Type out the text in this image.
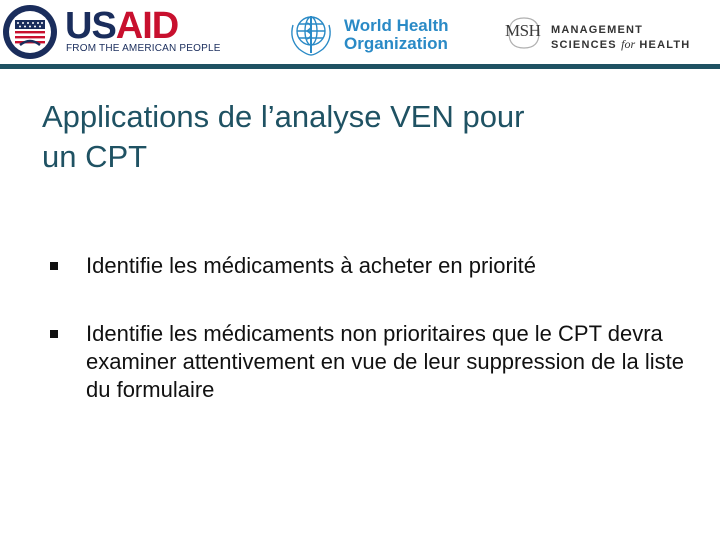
USAID
FROM THE AMERICAN PEOPLE
World Health
Organization
MSH MANAGEMENT
SCIENCES for HEALTH
Applications de l’analyse VEN pour
un CPT
Identifie les médicaments à acheter en priorité
Identifie les médicaments non prioritaires que le CPT devra examiner attentivement en vue de leur suppression de la liste du formulaire
